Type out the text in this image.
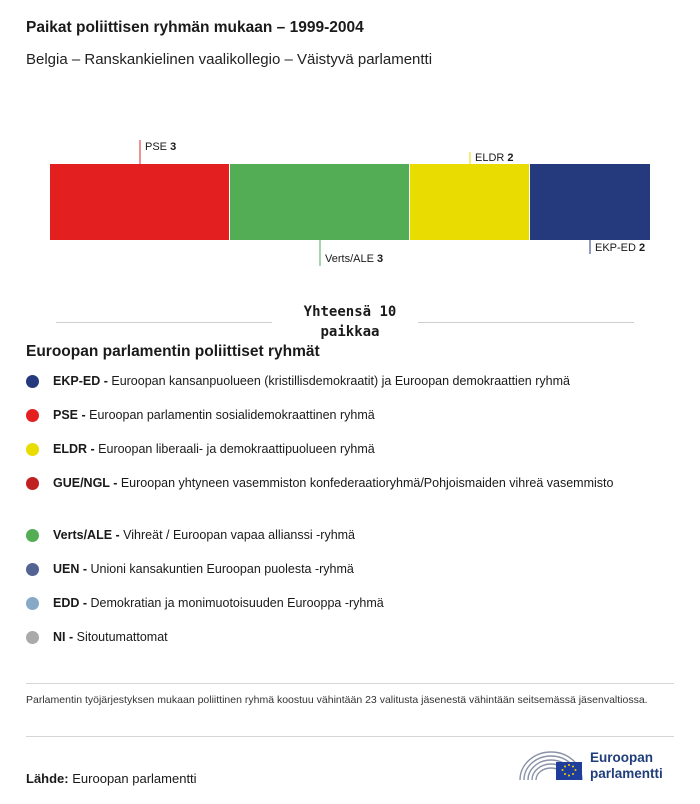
Paikat poliittisen ryhmän mukaan – 1999-2004
Belgia – Ranskankielinen vaalikollegio – Väistyvä parlamentti
PSE 3
Verts/ALE 3
ELDR 2
EKP-ED 2
Yhteensä 10 paikkaa
Euroopan parlamentin poliittiset ryhmät
EKP-ED - Euroopan kansanpuolueen (kristillisdemokraatit) ja Euroopan demokraattien ryhmä
PSE - Euroopan parlamentin sosialidemokraattinen ryhmä
ELDR - Euroopan liberaali- ja demokraattipuolueen ryhmä
GUE/NGL - Euroopan yhtyneen vasemmiston konfederaatioryhmä/Pohjoismaiden vihreä vasemmisto
Verts/ALE - Vihreät / Euroopan vapaa allianssi -ryhmä
UEN - Unioni kansakuntien Euroopan puolesta -ryhmä
EDD - Demokratian ja monimuotoisuuden Eurooppa -ryhmä
NI - Sitoutumattomat
Parlamentin työjärjestyksen mukaan poliittinen ryhmä koostuu vähintään 23 valitusta jäsenestä vähintään seitsemässä jäsenvaltiossa.
Lähde: Euroopan parlamentti
Euroopan
parlamentti
